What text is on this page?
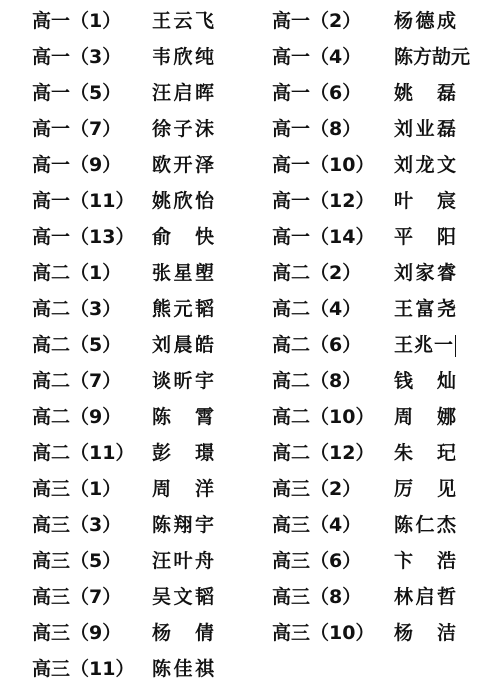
高一（1） 王云飞	高一（2） 杨德成
高一（3） 韦欣纯	高一（4） 陈方劼元
高一（5） 汪启晖	高一（6） 姚　磊
高一（7） 徐子沫	高一（8） 刘业磊
高一（9） 欧开泽	高一（10） 刘龙文
高一（11） 姚欣怡	高一（12） 叶　宸
高一（13） 俞　快	高一（14） 平　阳
高二（1） 张星塱	高二（2） 刘家睿
高二（3） 熊元韬	高二（4） 王富尧
高二（5） 刘晨皓	高二（6） 王兆一
高二（7） 谈昕宇	高二（8） 钱　灿
高二（9） 陈　霄	高二（10） 周　娜
高二（11） 彭　璟	高二（12） 朱　玘
高三（1） 周　洋	高三（2） 厉　见
高三（3） 陈翔宇	高三（4） 陈仁杰
高三（5） 汪叶舟	高三（6） 卞　浩
高三（7） 吴文韬	高三（8） 林启哲
高三（9） 杨　倩	高三（10） 杨　洁
高三（11） 陈佳祺
